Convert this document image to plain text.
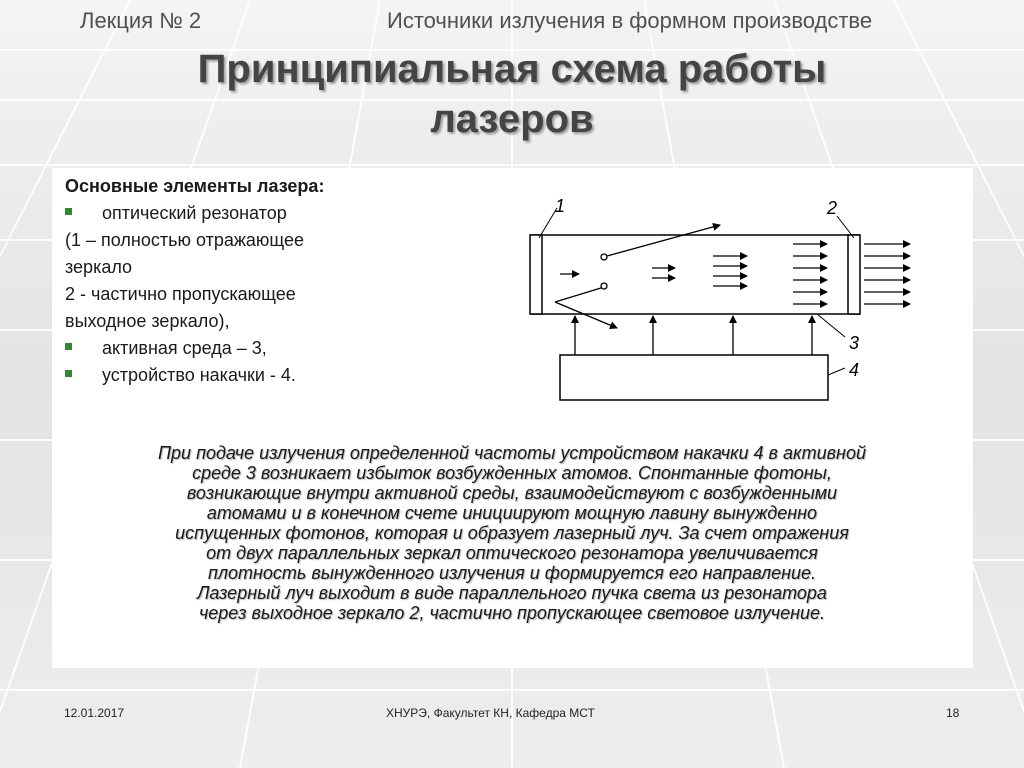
Лекция № 2	Источники излучения в формном производстве
Принципиальная схема работы
лазеров
Основные элементы лазера:
оптический резонатор
(1 – полностью отражающее
зеркало
2 - частично пропускающее
выходное зеркало),
активная среда – 3,
устройство накачки - 4.
1	2
3
4
При подаче излучения определенной частоты устройством накачки 4 в активной
среде 3 возникает избыток возбужденных атомов. Спонтанные фотоны,
возникающие внутри активной среды, взаимодействуют с возбужденными
атомами и в конечном счете инициируют мощную лавину вынужденно
испущенных фотонов, которая и образует лазерный луч. За счет отражения
от двух параллельных зеркал оптического резонатора увеличивается
плотность вынужденного излучения и формируется его направление.
Лазерный луч выходит в виде параллельного пучка света из резонатора
через выходное зеркало 2, частично пропускающее световое излучение.
12.01.2017	ХНУРЭ, Факультет КН, Кафедра МСТ	18
